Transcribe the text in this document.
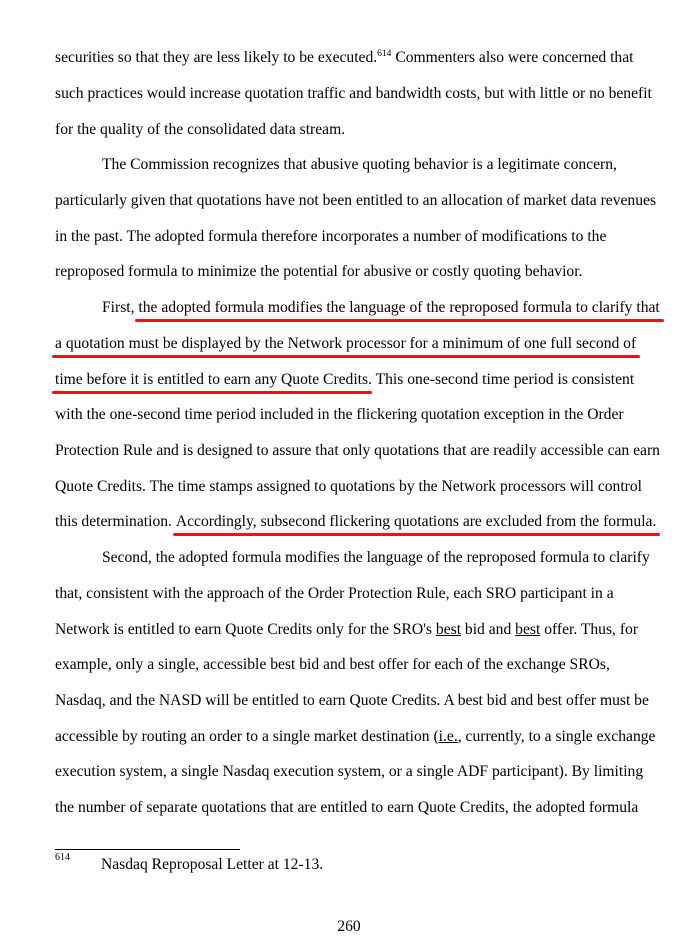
securities so that they are less likely to be executed.$^{614}$ Commenters also were concerned that

such practices would increase quotation traffic and bandwidth costs, but with little or no benefit

for the quality of the consolidated data stream.

The Commission recognizes that abusive quoting behavior is a legitimate concern,

particularly given that quotations have not been entitled to an allocation of market data revenues

in the past. The adopted formula therefore incorporates a number of modifications to the

reproposed formula to minimize the potential for abusive or costly quoting behavior.

First, the adopted formula modifies the language of the reproposed formula to clarify that

a quotation must be displayed by the Network processor for a minimum of one full second of

time before it is entitled to earn any Quote Credits. This one-second time period is consistent

with the one-second time period included in the flickering quotation exception in the Order

Protection Rule and is designed to assure that only quotations that are readily accessible can earn

Quote Credits. The time stamps assigned to quotations by the Network processors will control

this determination. Accordingly, subsecond flickering quotations are excluded from the formula.

Second, the adopted formula modifies the language of the reproposed formula to clarify

that, consistent with the approach of the Order Protection Rule, each SRO participant in a

Network is entitled to earn Quote Credits only for the SRO's best bid and best offer. Thus, for

example, only a single, accessible best bid and best offer for each of the exchange SROs,

Nasdaq, and the NASD will be entitled to earn Quote Credits. A best bid and best offer must be

accessible by routing an order to a single market destination (i.e., currently, to a single exchange

execution system, a single Nasdaq execution system, or a single ADF participant). By limiting

the number of separate quotations that are entitled to earn Quote Credits, the adopted formula

614 Nasdaq Reproposal Letter at 12-13.
260
